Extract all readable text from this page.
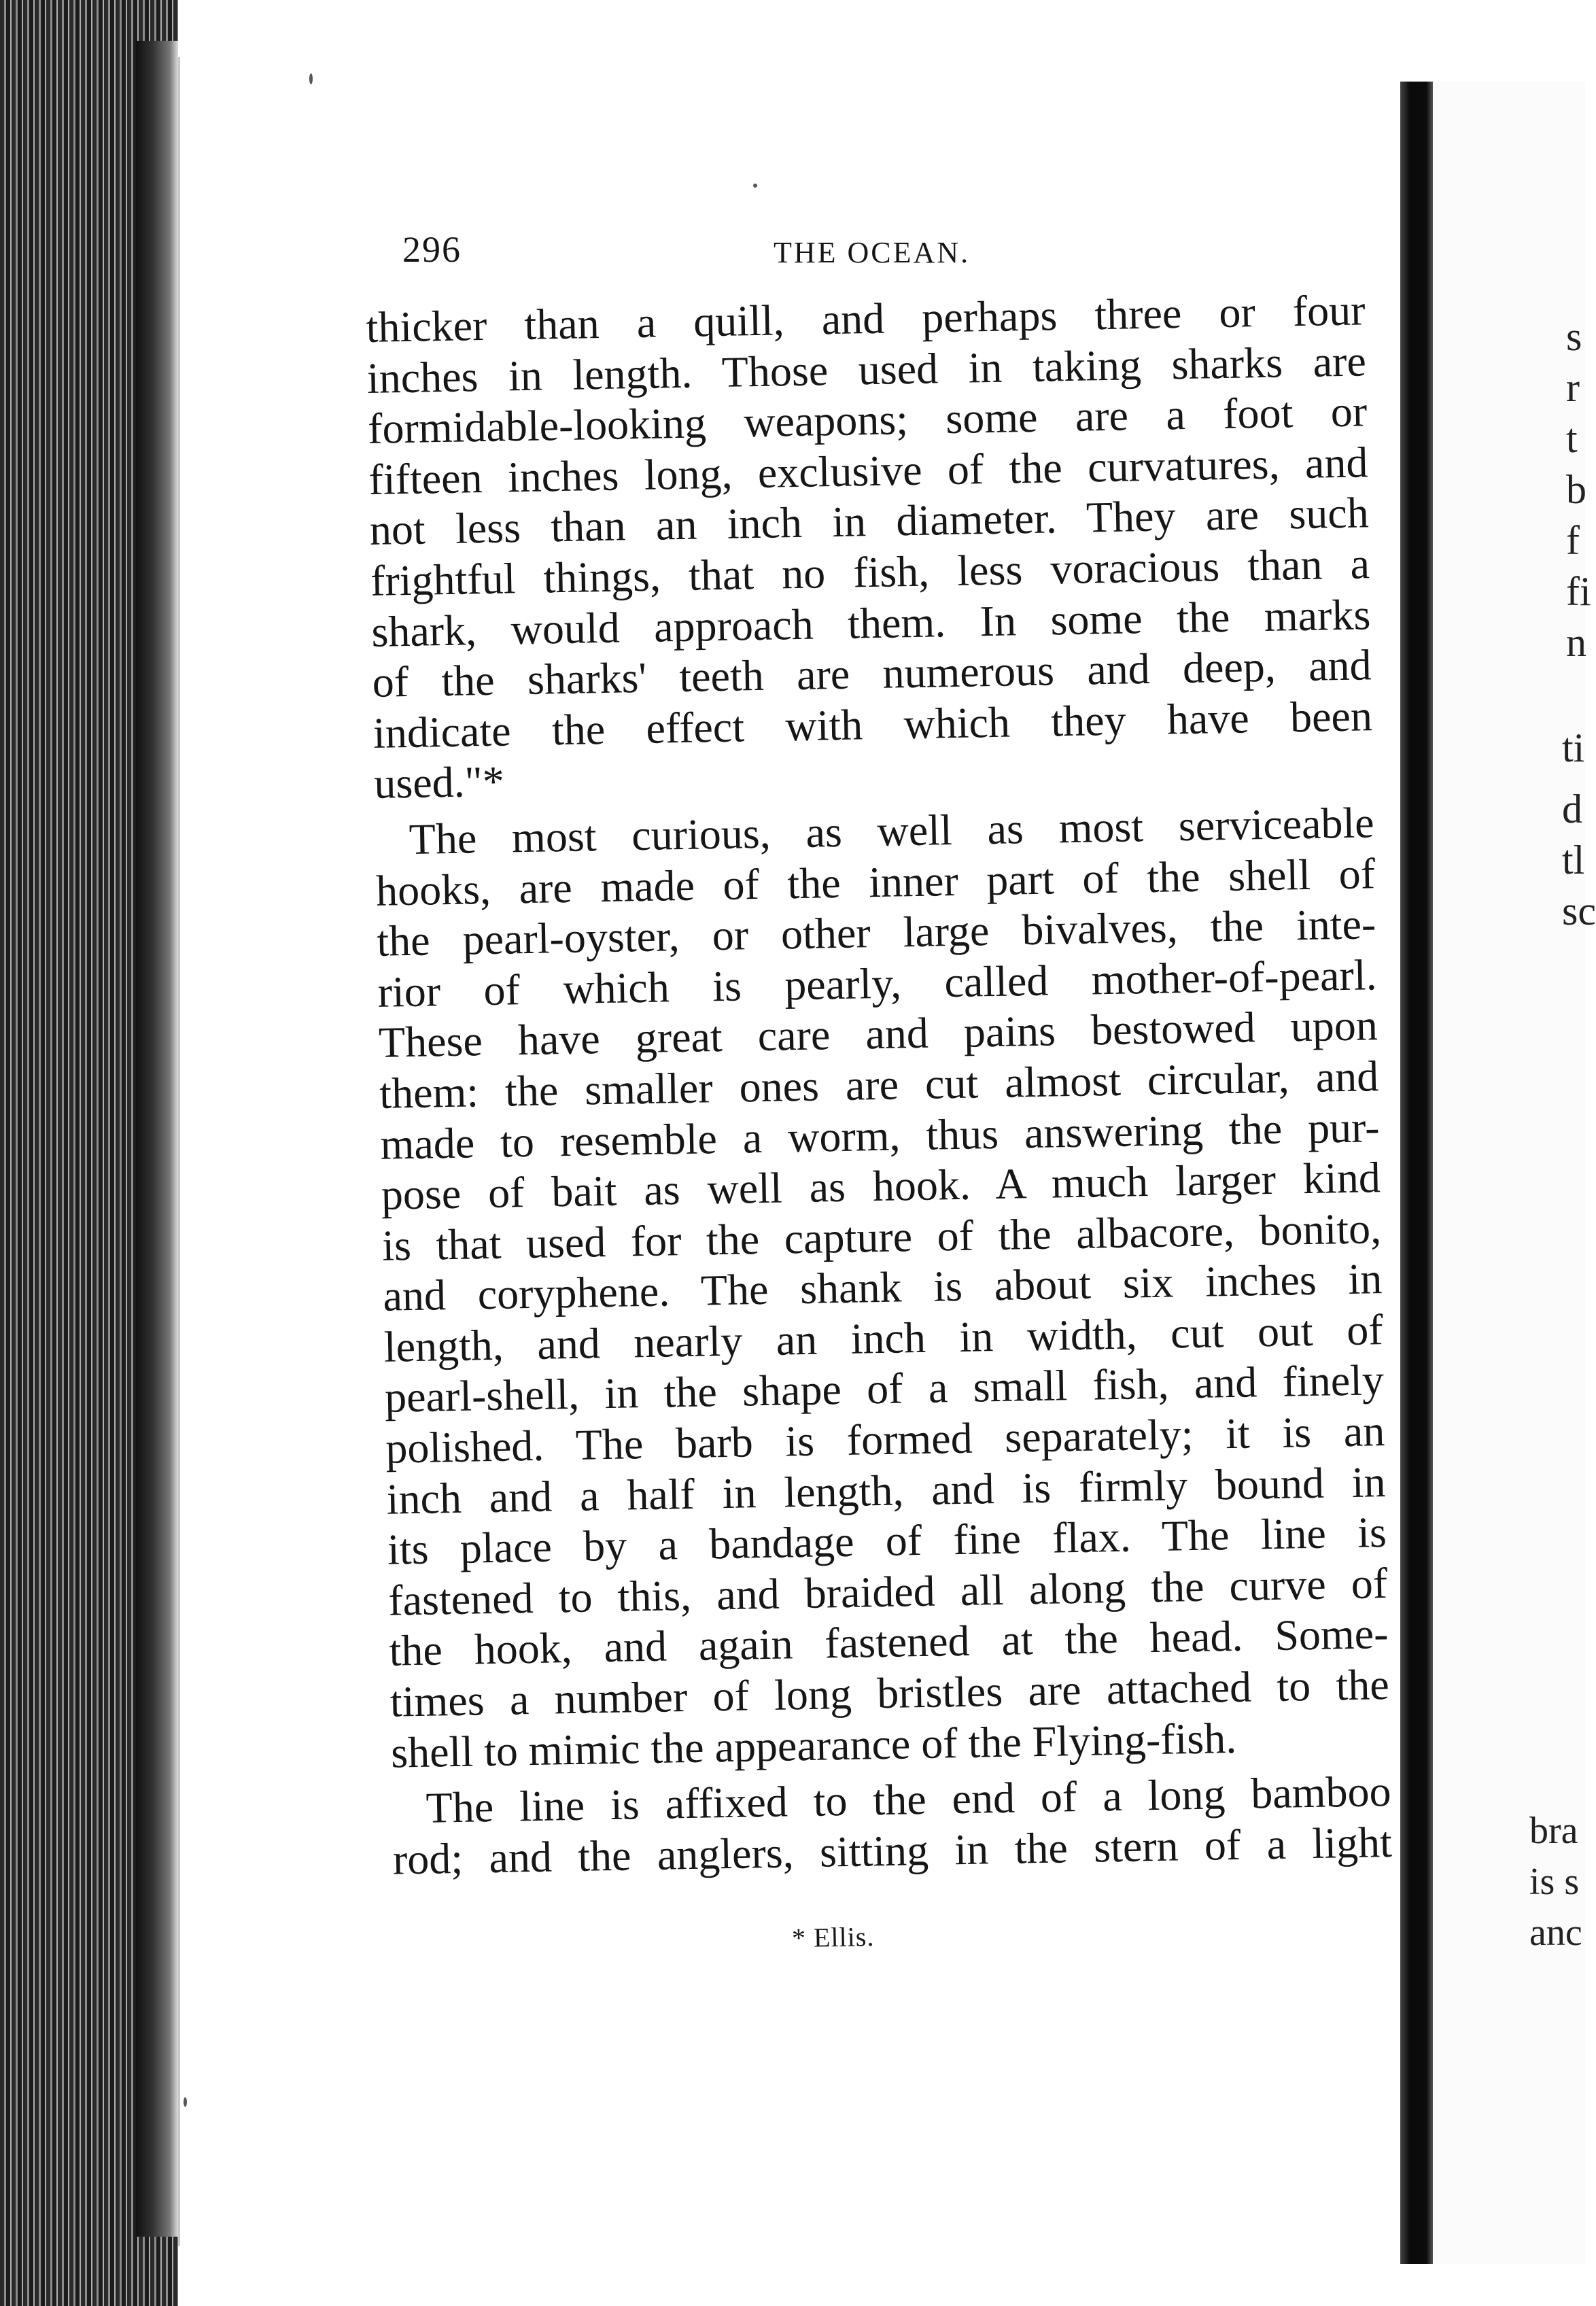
296	THE OCEAN.

thicker than a quill, and perhaps three or four

inches in length. Those used in taking sharks are

formidable-looking weapons; some are a foot or

fifteen inches long, exclusive of the curvatures, and

not less than an inch in diameter. They are such

frightful things, that no fish, less voracious than a

shark, would approach them. In some the marks

of the sharks' teeth are numerous and deep, and

indicate the effect with which they have been

used."*

The most curious, as well as most serviceable

hooks, are made of the inner part of the shell of

the pearl-oyster, or other large bivalves, the inte-

rior of which is pearly, called mother-of-pearl.

These have great care and pains bestowed upon

them: the smaller ones are cut almost circular, and

made to resemble a worm, thus answering the pur-

pose of bait as well as hook. A much larger kind

is that used for the capture of the albacore, bonito,

and coryphene. The shank is about six inches in

length, and nearly an inch in width, cut out of

pearl-shell, in the shape of a small fish, and finely

polished. The barb is formed separately; it is an

inch and a half in length, and is firmly bound in

its place by a bandage of fine flax. The line is

fastened to this, and braided all along the curve of

the hook, and again fastened at the head. Some-

times a number of long bristles are attached to the

shell to mimic the appearance of the Flying-fish.

The line is affixed to the end of a long bamboo

rod; and the anglers, sitting in the stern of a light

* Ellis.
s
r
t
b
f
fi
n
ti
d
tl
sc
bra
is s
anc
